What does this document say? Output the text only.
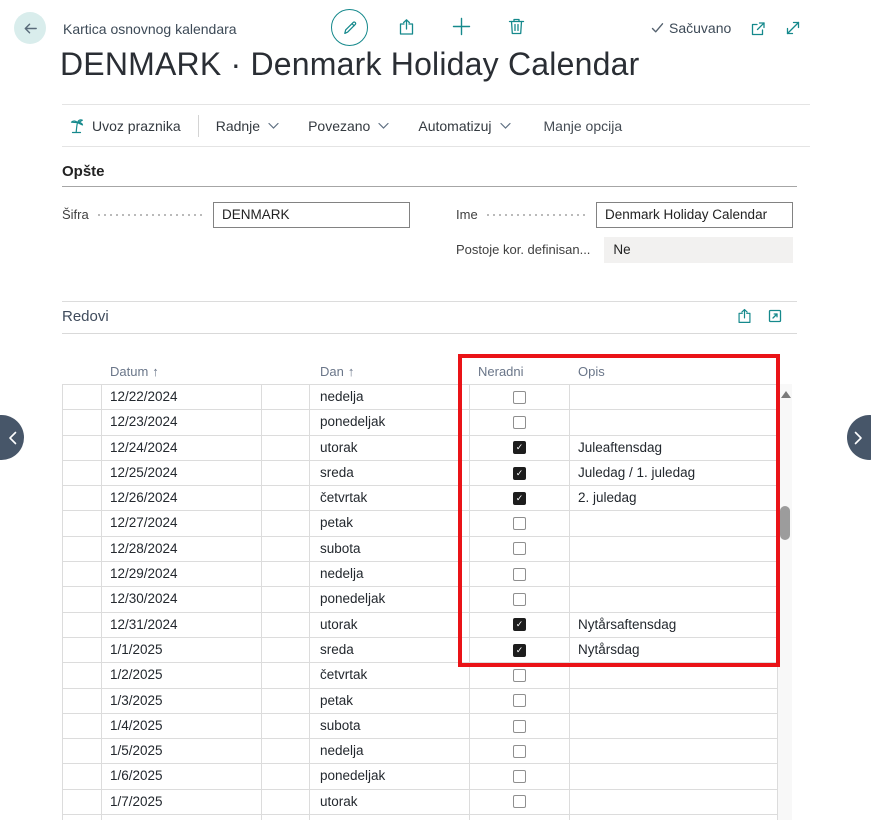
Kartica osnovnog kalendara	Sačuvano
DENMARK · Denmark Holiday Calendar
Uvoz praznika	Radnje	Povezano	Automatizuj	Manje opcija
Opšte
Šifra	DENMARK	Ime	Denmark Holiday Calendar
Postoje kor. definisan...	Ne
Redovi
Datum ↑	Dan ↑	Neradni	Opis
12/22/2024	nedelja
12/23/2024	ponedeljak
12/24/2024	utorak	✓	Juleaftensdag
12/25/2024	sreda	✓	Juledag / 1. juledag
12/26/2024	četvrtak	✓	2. juledag
12/27/2024	petak
12/28/2024	subota
12/29/2024	nedelja
12/30/2024	ponedeljak
12/31/2024	utorak	✓	Nytårsaftensdag
1/1/2025	sreda	✓	Nytårsdag
1/2/2025	četvrtak
1/3/2025	petak
1/4/2025	subota
1/5/2025	nedelja
1/6/2025	ponedeljak
1/7/2025	utorak
